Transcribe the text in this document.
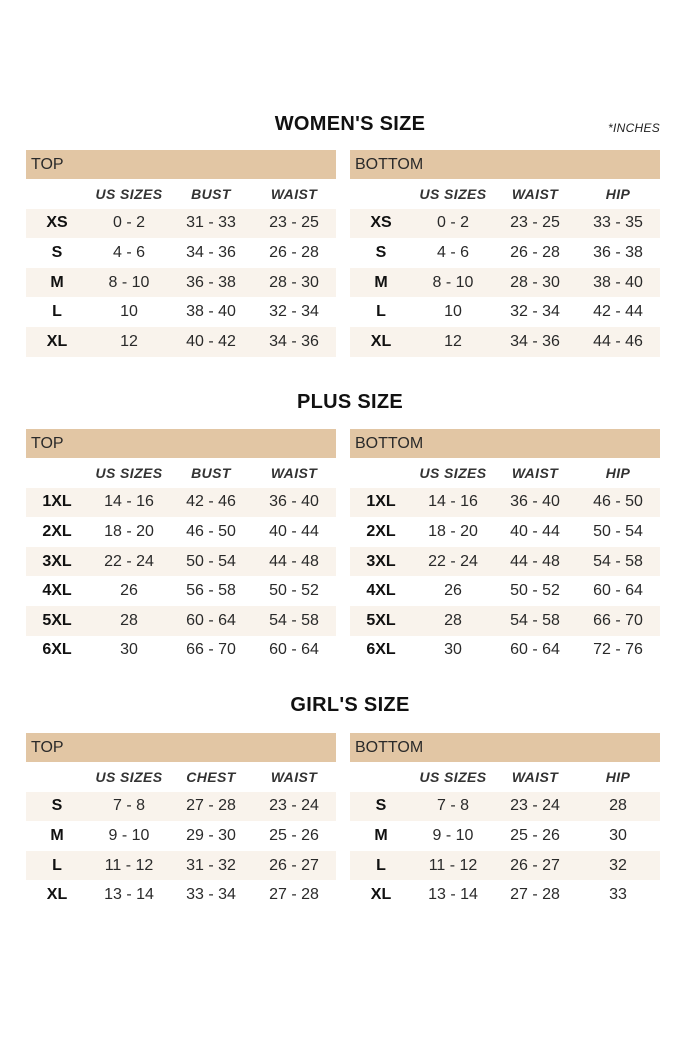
WOMEN'S SIZE	*INCHES
TOP			
	US SIZES	BUST	WAIST
XS	0 - 2	31 - 33	23 - 25
S	4 - 6	34 - 36	26 - 28
M	8 - 10	36 - 38	28 - 30
L	10	38 - 40	32 - 34
XL	12	40 - 42	34 - 36
BOTTOM			
	US SIZES	WAIST	HIP
XS	0 - 2	23 - 25	33 - 35
S	4 - 6	26 - 28	36 - 38
M	8 - 10	28 - 30	38 - 40
L	10	32 - 34	42 - 44
XL	12	34 - 36	44 - 46
PLUS SIZE
TOP			
	US SIZES	BUST	WAIST
1XL	14 - 16	42 - 46	36 - 40
2XL	18 - 20	46 - 50	40 - 44
3XL	22 - 24	50 - 54	44 - 48
4XL	26	56 - 58	50 - 52
5XL	28	60 - 64	54 - 58
6XL	30	66 - 70	60 - 64
BOTTOM			
	US SIZES	WAIST	HIP
1XL	14 - 16	36 - 40	46 - 50
2XL	18 - 20	40 - 44	50 - 54
3XL	22 - 24	44 - 48	54 - 58
4XL	26	50 - 52	60 - 64
5XL	28	54 - 58	66 - 70
6XL	30	60 - 64	72 - 76
GIRL'S SIZE
TOP			
	US SIZES	CHEST	WAIST
S	7 - 8	27 - 28	23 - 24
M	9 - 10	29 - 30	25 - 26
L	11 - 12	31 - 32	26 - 27
XL	13 - 14	33 - 34	27 - 28
BOTTOM			
	US SIZES	WAIST	HIP
S	7 - 8	23 - 24	28
M	9 - 10	25 - 26	30
L	11 - 12	26 - 27	32
XL	13 - 14	27 - 28	33
